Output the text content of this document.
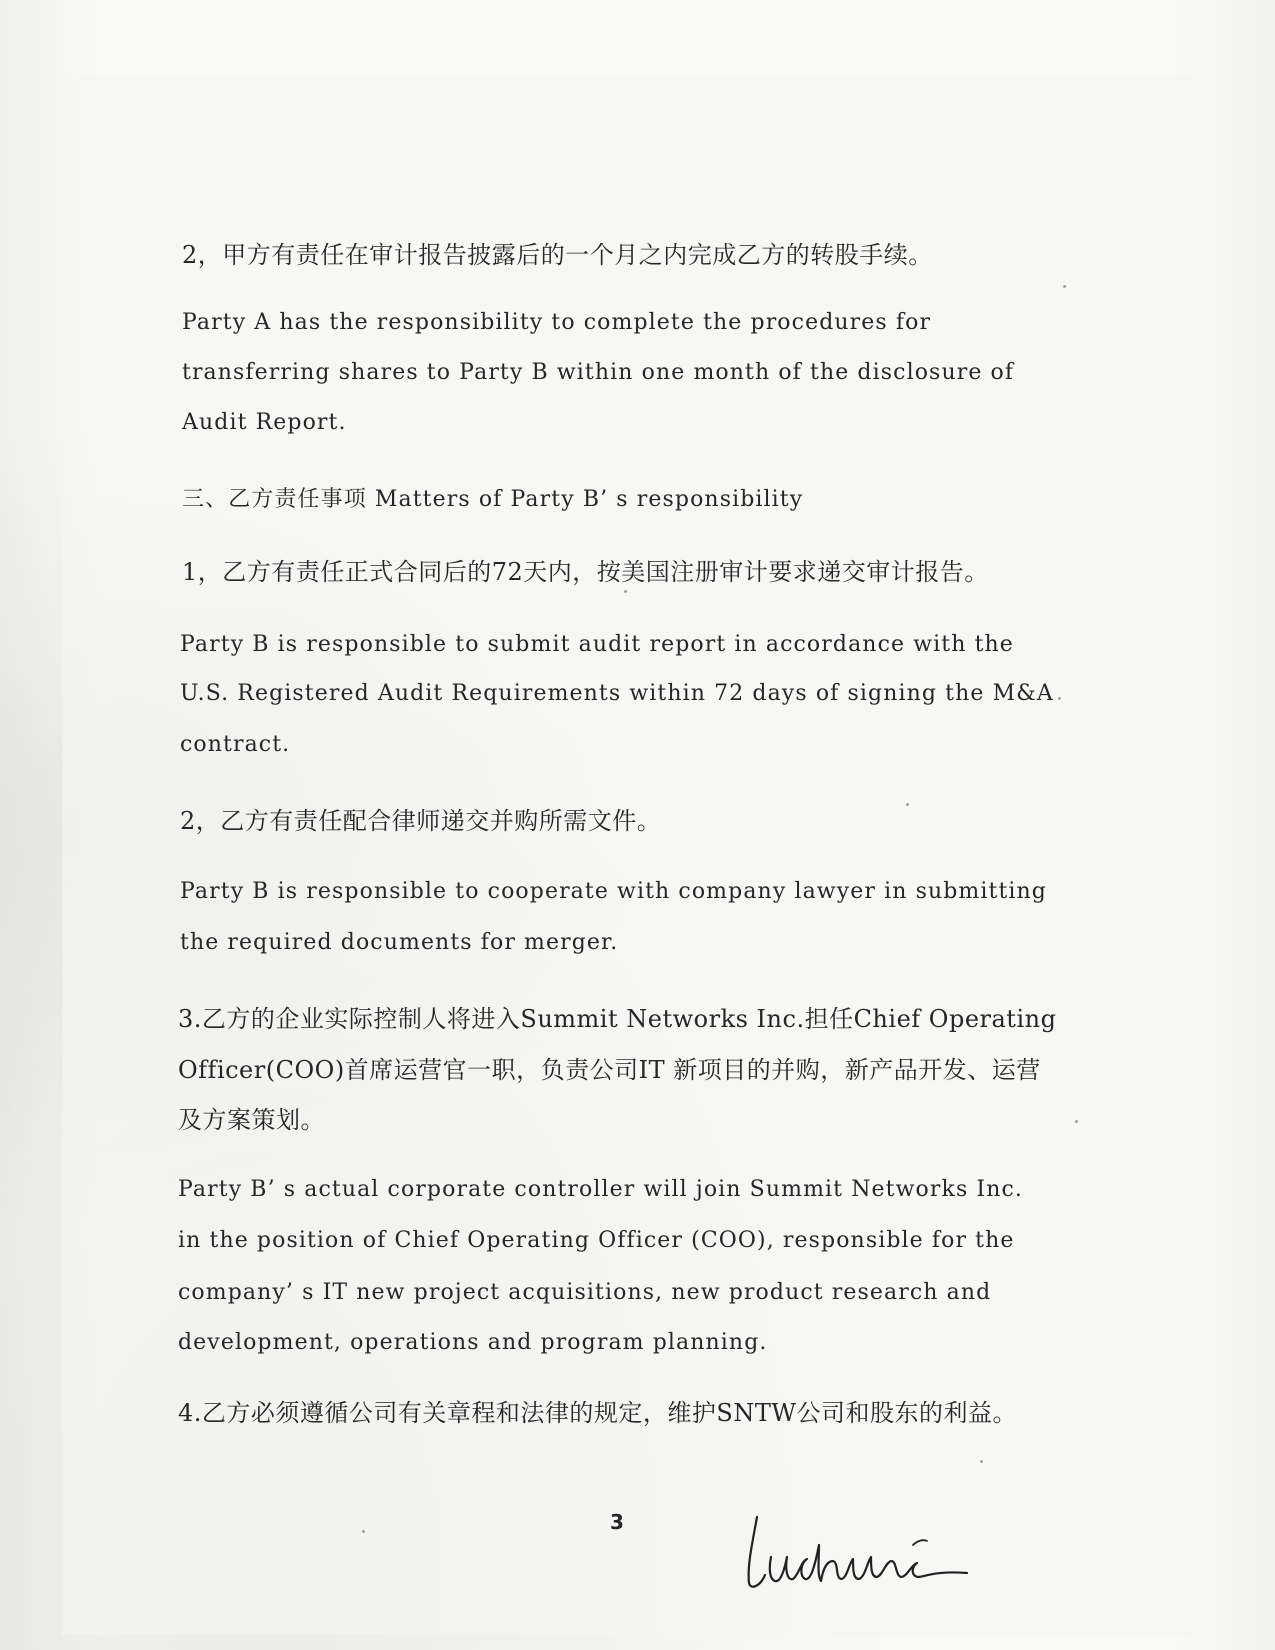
2，甲方有责任在审计报告披露后的一个月之内完成乙方的转股手续。
Party A has the responsibility to complete the procedures for
transferring shares to Party B within one month of the disclosure of
Audit Report.
三、乙方责任事项 Matters of Party B’ s responsibility
1，乙方有责任正式合同后的72天内，按美国注册审计要求递交审计报告。
Party B is responsible to submit audit report in accordance with the
U.S. Registered Audit Requirements within 72 days of signing the M&A
contract.
2，乙方有责任配合律师递交并购所需文件。
Party B is responsible to cooperate with company lawyer in submitting
the required documents for merger.
3.乙方的企业实际控制人将进入Summit Networks Inc.担任Chief Operating
Officer(COO)首席运营官一职，负责公司IT 新项目的并购，新产品开发、运营
及方案策划。
Party B’ s actual corporate controller will join Summit Networks Inc.
in the position of Chief Operating Officer (COO), responsible for the
company’ s IT new project acquisitions, new product research and
development, operations and program planning.
4.乙方必须遵循公司有关章程和法律的规定，维护SNTW公司和股东的利益。
3
